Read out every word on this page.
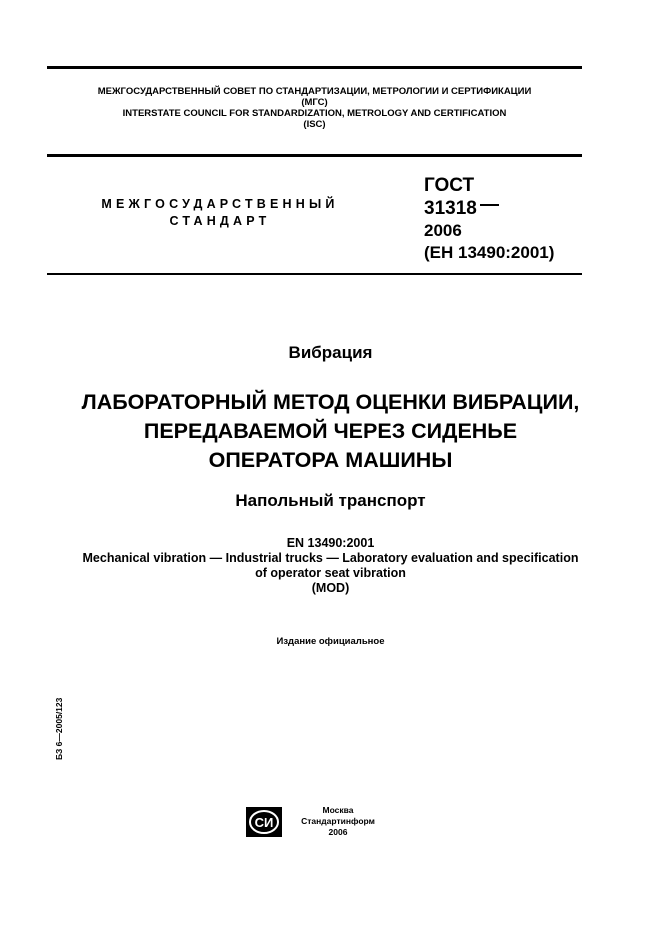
МЕЖГОСУДАРСТВЕННЫЙ СОВЕТ ПО СТАНДАРТИЗАЦИИ, МЕТРОЛОГИИ И СЕРТИФИКАЦИИ
(МГС)
INTERSTATE COUNCIL FOR STANDARDIZATION, METROLOGY AND CERTIFICATION
(ISC)
МЕЖГОСУДАРСТВЕННЫЙ
СТАНДАРТ
ГОСТ
31318
2006
(ЕН 13490:2001)
Вибрация
ЛАБОРАТОРНЫЙ МЕТОД ОЦЕНКИ ВИБРАЦИИ,
ПЕРЕДАВАЕМОЙ ЧЕРЕЗ СИДЕНЬЕ
ОПЕРАТОРА МАШИНЫ
Напольный транспорт
EN 13490:2001
Mechanical vibration — Industrial trucks — Laboratory evaluation and specification
of operator seat vibration
(MOD)
Издание официальное
БЗ 6—2005/123
СИ
Москва
Стандартинформ
2006
